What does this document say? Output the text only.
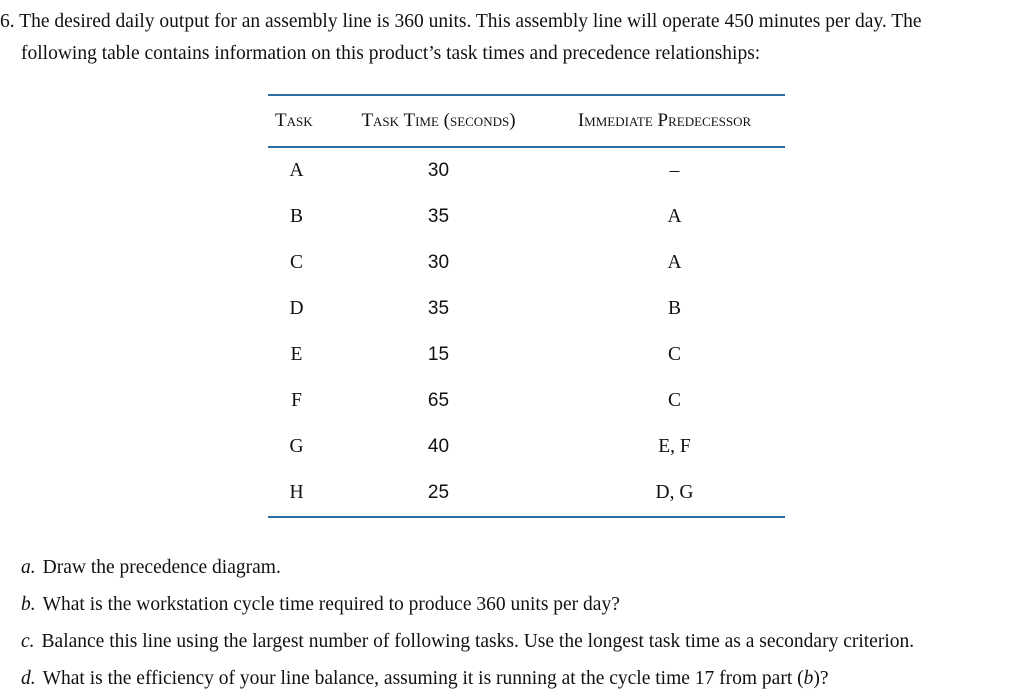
6. The desired daily output for an assembly line is 360 units. This assembly line will operate 450 minutes per day. The
following table contains information on this product’s task times and precedence relationships:

Task	Task Time (seconds)	Immediate Predecessor
A	30	–
B	35	A
C	30	A
D	35	B
E	15	C
F	65	C
G	40	E, F
H	25	D, G
a. Draw the precedence diagram.
b. What is the workstation cycle time required to produce 360 units per day?
c. Balance this line using the largest number of following tasks. Use the longest task time as a secondary criterion.
d. What is the efficiency of your line balance, assuming it is running at the cycle time 17 from part (b)?
